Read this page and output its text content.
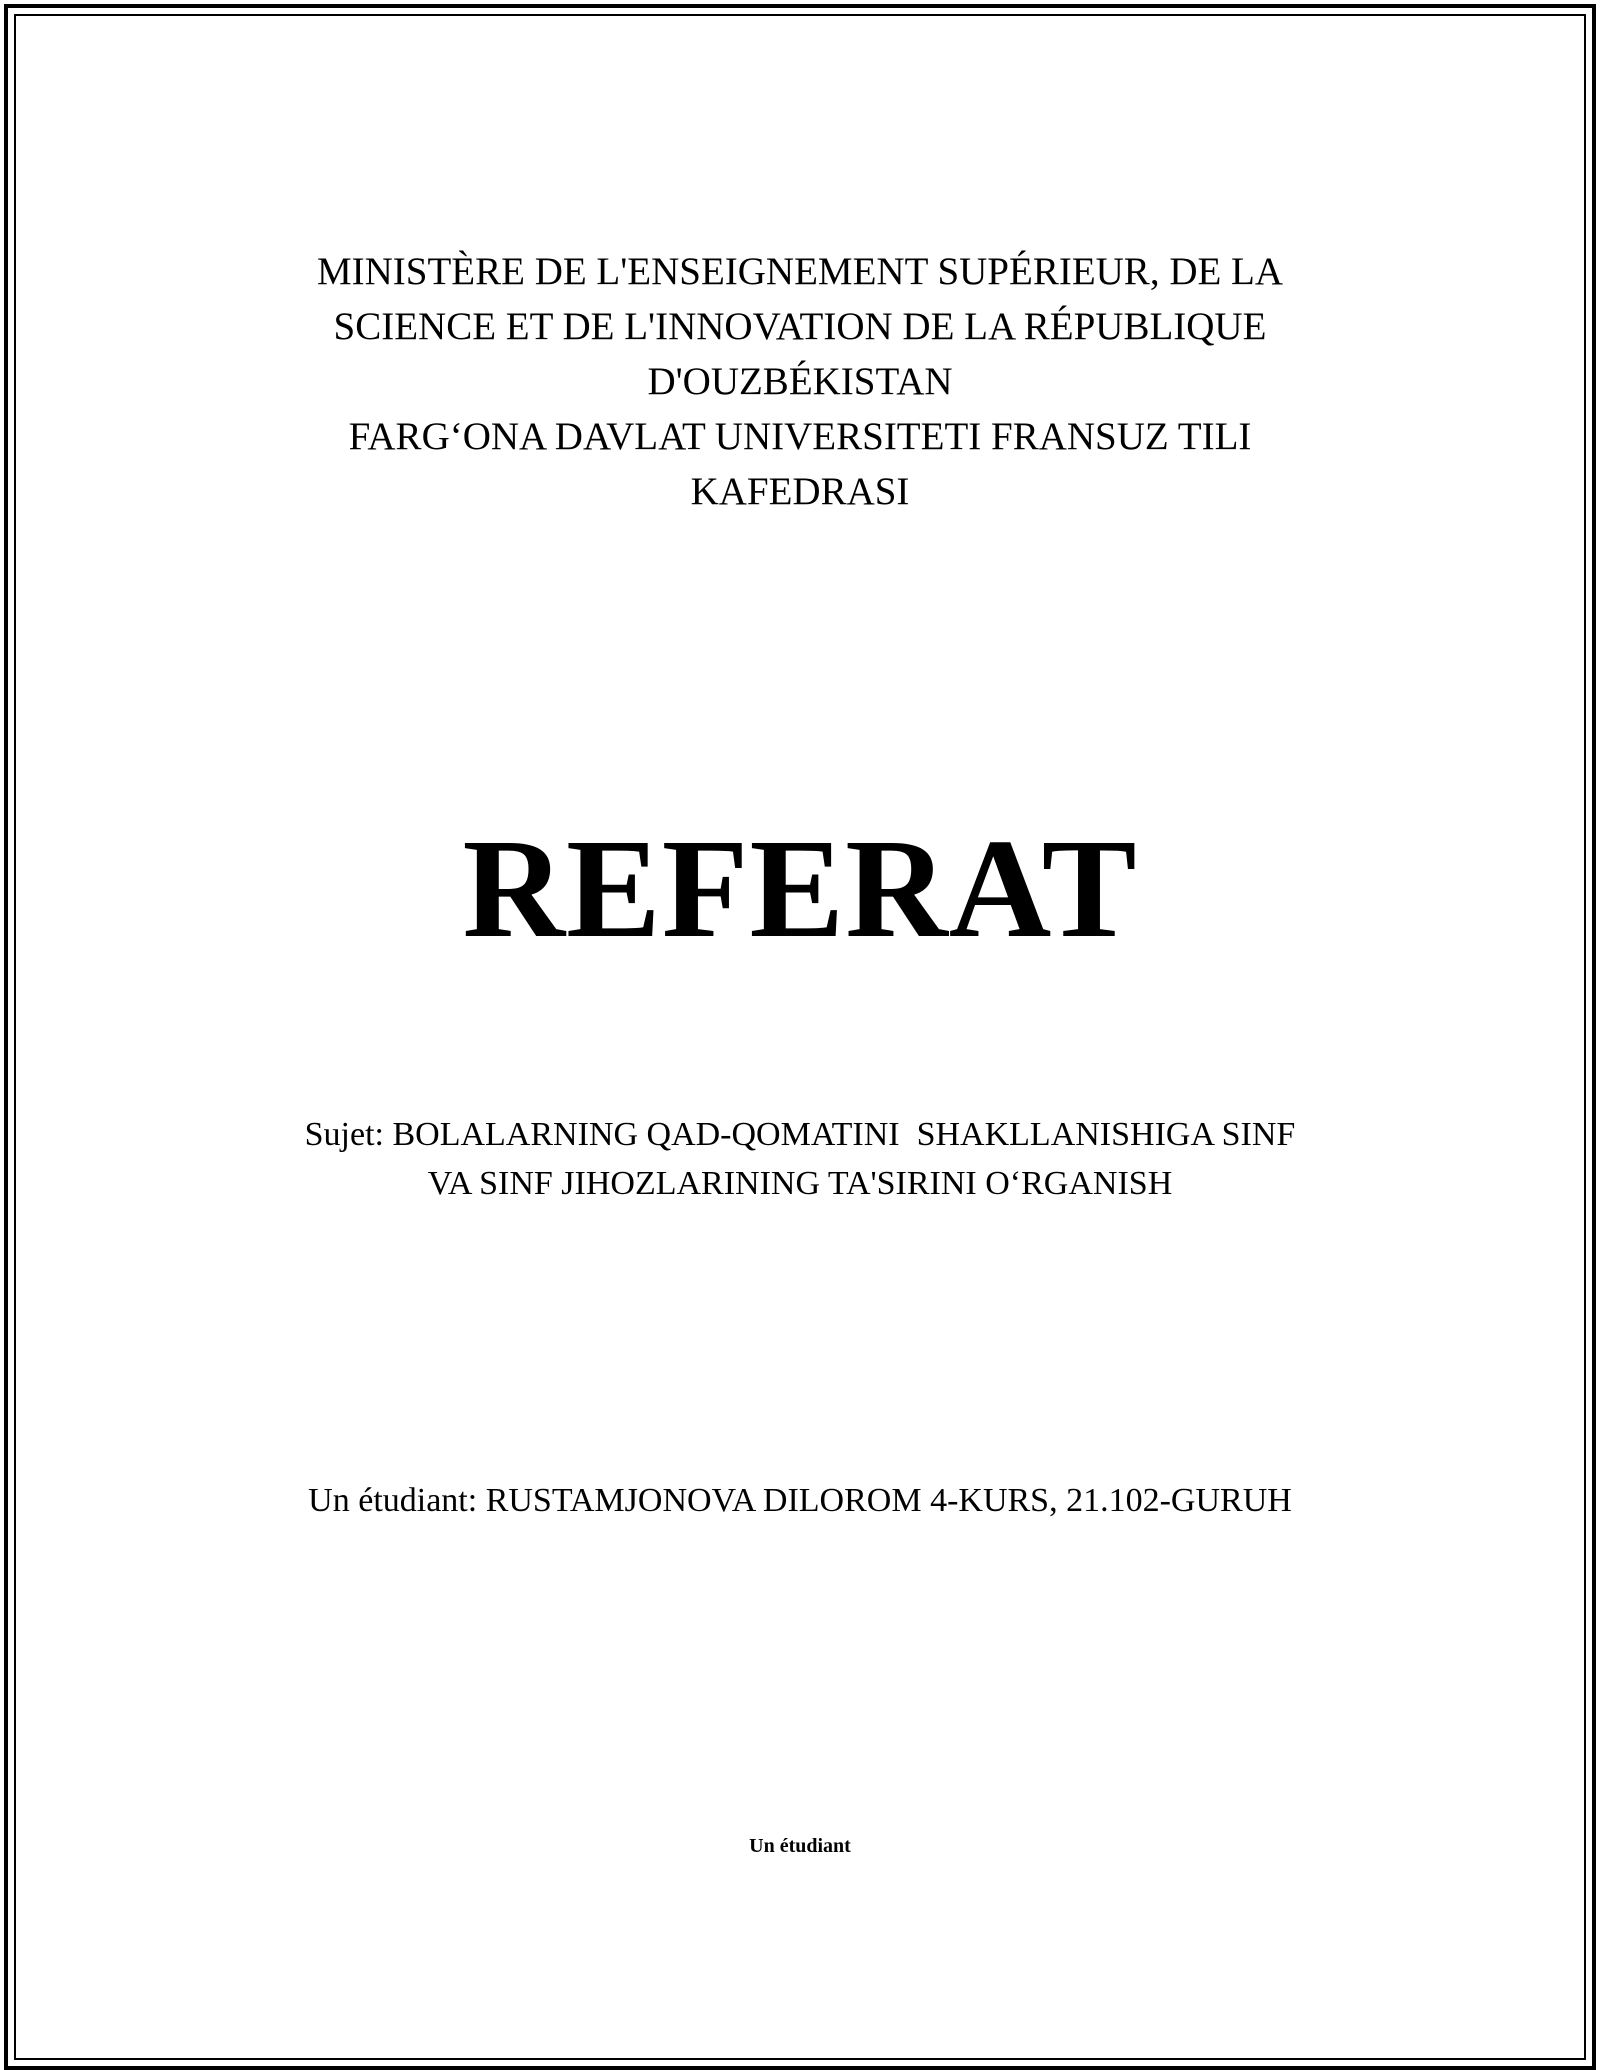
MINISTÈRE DE L'ENSEIGNEMENT SUPÉRIEUR, DE LA
SCIENCE ET DE L'INNOVATION DE LA RÉPUBLIQUE
D'OUZBÉKISTAN
FARG‘ONA DAVLAT UNIVERSITETI FRANSUZ TILI
KAFEDRASI
REFERAT
Sujet: BOLALARNING QAD-QOMATINI  SHAKLLANISHIGA SINF
VA SINF JIHOZLARINING TA'SIRINI O‘RGANISH
Un étudiant: RUSTAMJONOVA DILOROM 4-KURS, 21.102-GURUH
Un étudiant
